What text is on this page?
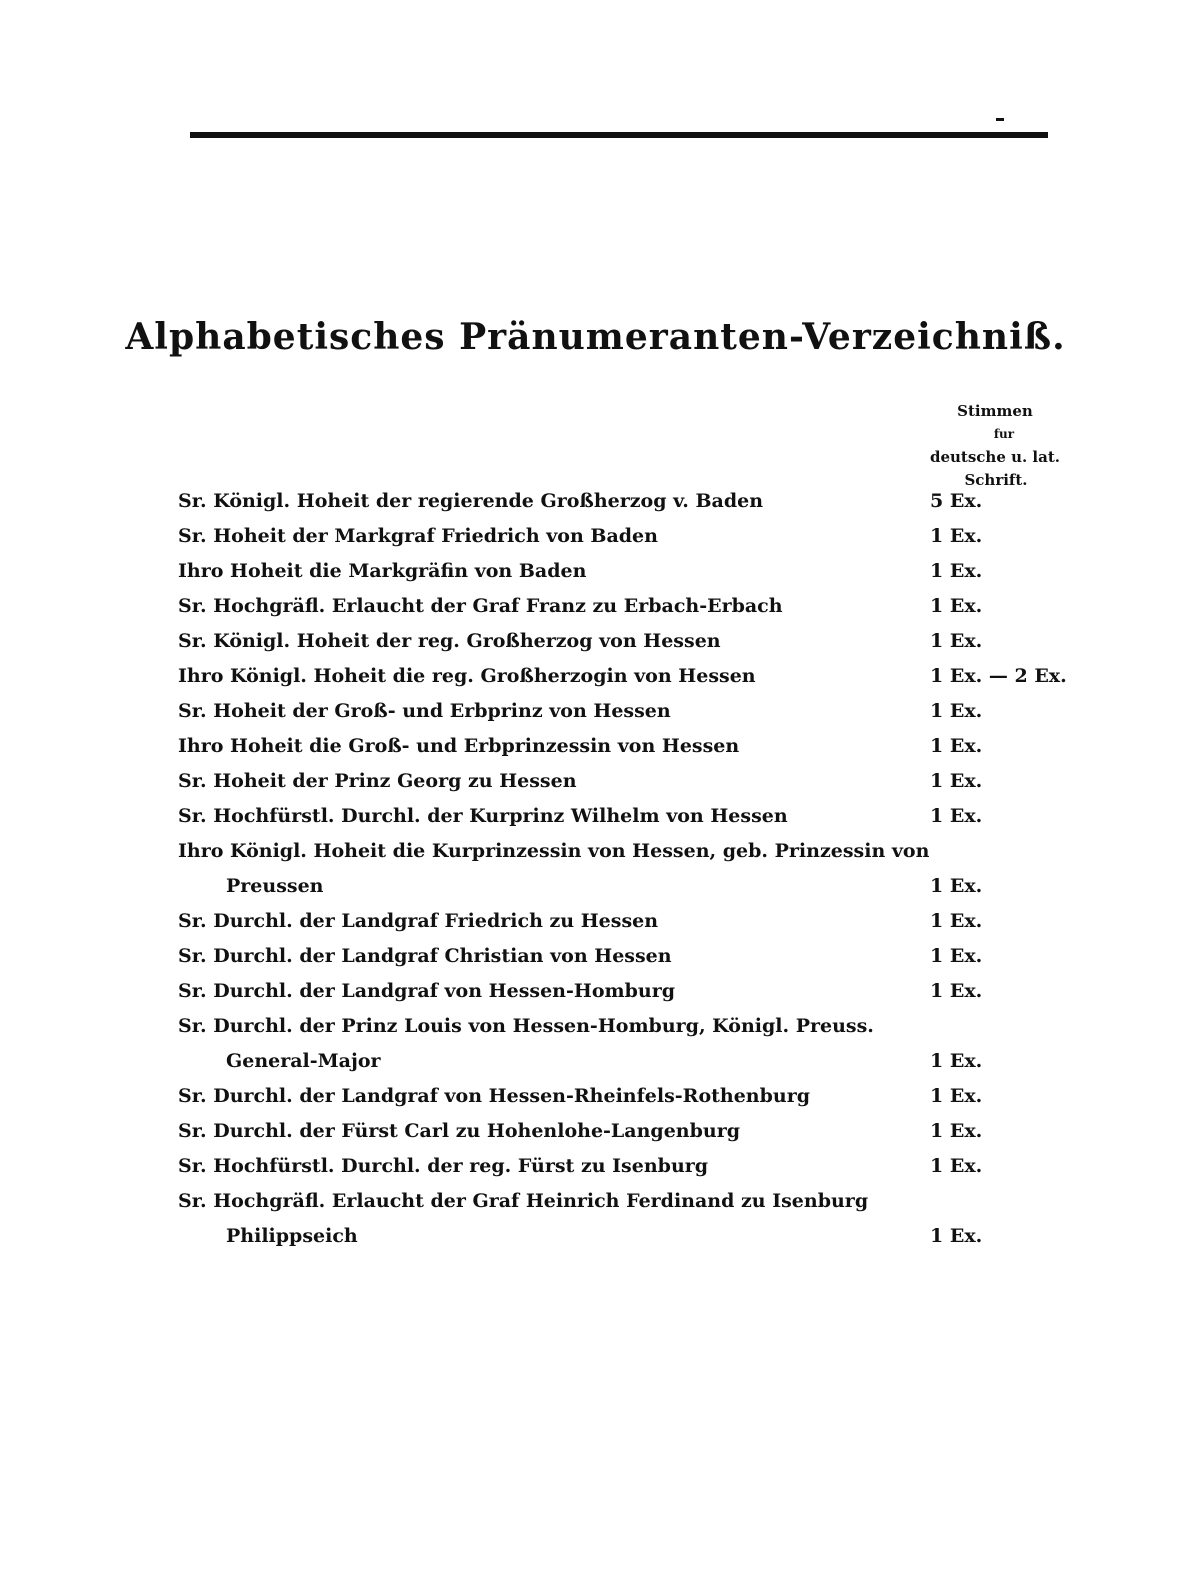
Alphabetisches Pränumeranten-Verzeichniß.
Stimmen
fur
deutsche u. lat.
Schrift.
Sr. Königl. Hoheit der regierende Großherzog v. Baden	5 Ex.
Sr. Hoheit der Markgraf Friedrich von Baden	1 Ex.
Ihro Hoheit die Markgräfin von Baden	1 Ex.
Sr. Hochgräfl. Erlaucht der Graf Franz zu Erbach-Erbach	1 Ex.
Sr. Königl. Hoheit der reg. Großherzog von Hessen	1 Ex.
Ihro Königl. Hoheit die reg. Großherzogin von Hessen	1 Ex. — 2 Ex.
Sr. Hoheit der Groß- und Erbprinz von Hessen	1 Ex.
Ihro Hoheit die Groß- und Erbprinzessin von Hessen	1 Ex.
Sr. Hoheit der Prinz Georg zu Hessen	1 Ex.
Sr. Hochfürstl. Durchl. der Kurprinz Wilhelm von Hessen	1 Ex.
Ihro Königl. Hoheit die Kurprinzessin von Hessen, geb. Prinzessin von
Preussen	1 Ex.
Sr. Durchl. der Landgraf Friedrich zu Hessen	1 Ex.
Sr. Durchl. der Landgraf Christian von Hessen	1 Ex.
Sr. Durchl. der Landgraf von Hessen-Homburg	1 Ex.
Sr. Durchl. der Prinz Louis von Hessen-Homburg, Königl. Preuss.
General-Major	1 Ex.
Sr. Durchl. der Landgraf von Hessen-Rheinfels-Rothenburg	1 Ex.
Sr. Durchl. der Fürst Carl zu Hohenlohe-Langenburg	1 Ex.
Sr. Hochfürstl. Durchl. der reg. Fürst zu Isenburg	1 Ex.
Sr. Hochgräfl. Erlaucht der Graf Heinrich Ferdinand zu Isenburg
Philippseich	1 Ex.
